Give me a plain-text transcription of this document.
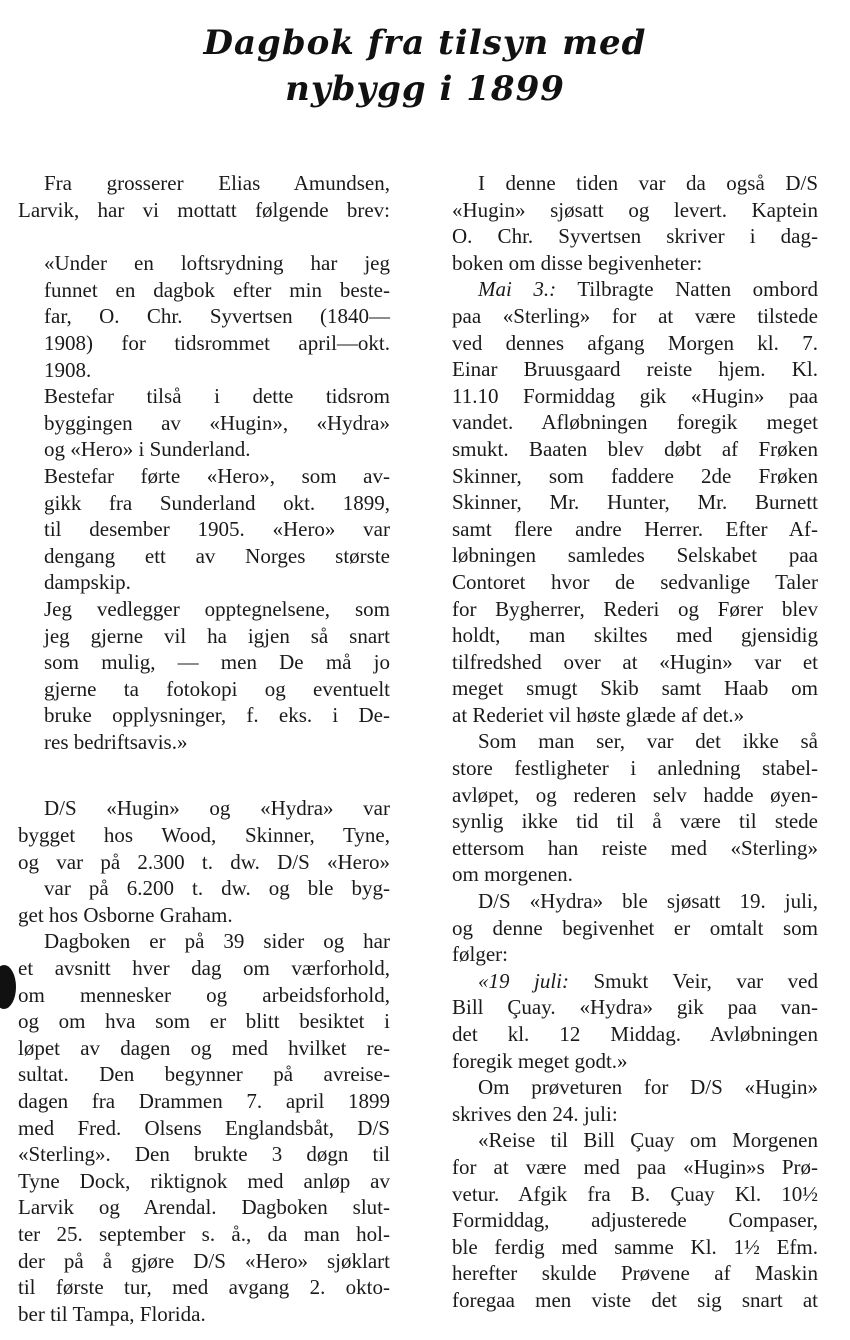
Dagbok fra tilsyn med
nybygg i 1899
Fra grosserer Elias Amundsen,
Larvik, har vi mottatt følgende brev:
«Under en loftsrydning har jeg
funnet en dagbok efter min beste-
far, O. Chr. Syvertsen (1840—
1908) for tidsrommet april—okt.
1908.
Bestefar tilså i dette tidsrom
byggingen av «Hugin», «Hydra»
og «Hero» i Sunderland.
Bestefar førte «Hero», som av-
gikk fra Sunderland okt. 1899,
til desember 1905. «Hero» var
dengang ett av Norges største
dampskip.
Jeg vedlegger opptegnelsene, som
jeg gjerne vil ha igjen så snart
som mulig, — men De må jo
gjerne ta fotokopi og eventuelt
bruke opplysninger, f. eks. i De-
res bedriftsavis.»
D/S «Hugin» og «Hydra» var
bygget hos Wood, Skinner, Tyne,
og var på 2.300 t. dw. D/S «Hero»
var på 6.200 t. dw. og ble byg-
get hos Osborne Graham.
Dagboken er på 39 sider og har
et avsnitt hver dag om værforhold,
om mennesker og arbeidsforhold,
og om hva som er blitt besiktet i
løpet av dagen og med hvilket re-
sultat. Den begynner på avreise-
dagen fra Drammen 7. april 1899
med Fred. Olsens Englandsbåt, D/S
«Sterling». Den brukte 3 døgn til
Tyne Dock, riktignok med anløp av
Larvik og Arendal. Dagboken slut-
ter 25. september s. å., da man hol-
der på å gjøre D/S «Hero» sjøklart
til første tur, med avgang 2. okto-
ber til Tampa, Florida.
I denne tiden var da også D/S
«Hugin» sjøsatt og levert. Kaptein
O. Chr. Syvertsen skriver i dag-
boken om disse begivenheter:
Mai 3.: Tilbragte Natten ombord
paa «Sterling» for at være tilstede
ved dennes afgang Morgen kl. 7.
Einar Bruusgaard reiste hjem. Kl.
11.10 Formiddag gik «Hugin» paa
vandet. Afløbningen foregik meget
smukt. Baaten blev døbt af Frøken
Skinner, som faddere 2de Frøken
Skinner, Mr. Hunter, Mr. Burnett
samt flere andre Herrer. Efter Af-
løbningen samledes Selskabet paa
Contoret hvor de sedvanlige Taler
for Bygherrer, Rederi og Fører blev
holdt, man skiltes med gjensidig
tilfredshed over at «Hugin» var et
meget smugt Skib samt Haab om
at Rederiet vil høste glæde af det.»
Som man ser, var det ikke så
store festligheter i anledning stabel-
avløpet, og rederen selv hadde øyen-
synlig ikke tid til å være til stede
ettersom han reiste med «Sterling»
om morgenen.
D/S «Hydra» ble sjøsatt 19. juli,
og denne begivenhet er omtalt som
følger:
«19 juli: Smukt Veir, var ved
Bill Çuay. «Hydra» gik paa van-
det kl. 12 Middag. Avløbningen
foregik meget godt.»
Om prøveturen for D/S «Hugin»
skrives den 24. juli:
«Reise til Bill Çuay om Morgenen
for at være med paa «Hugin»s Prø-
vetur. Afgik fra B. Çuay Kl. 10½
Formiddag, adjusterede Compaser,
ble ferdig med samme Kl. 1½ Efm.
herefter skulde Prøvene af Maskin
foregaa men viste det sig snart at
